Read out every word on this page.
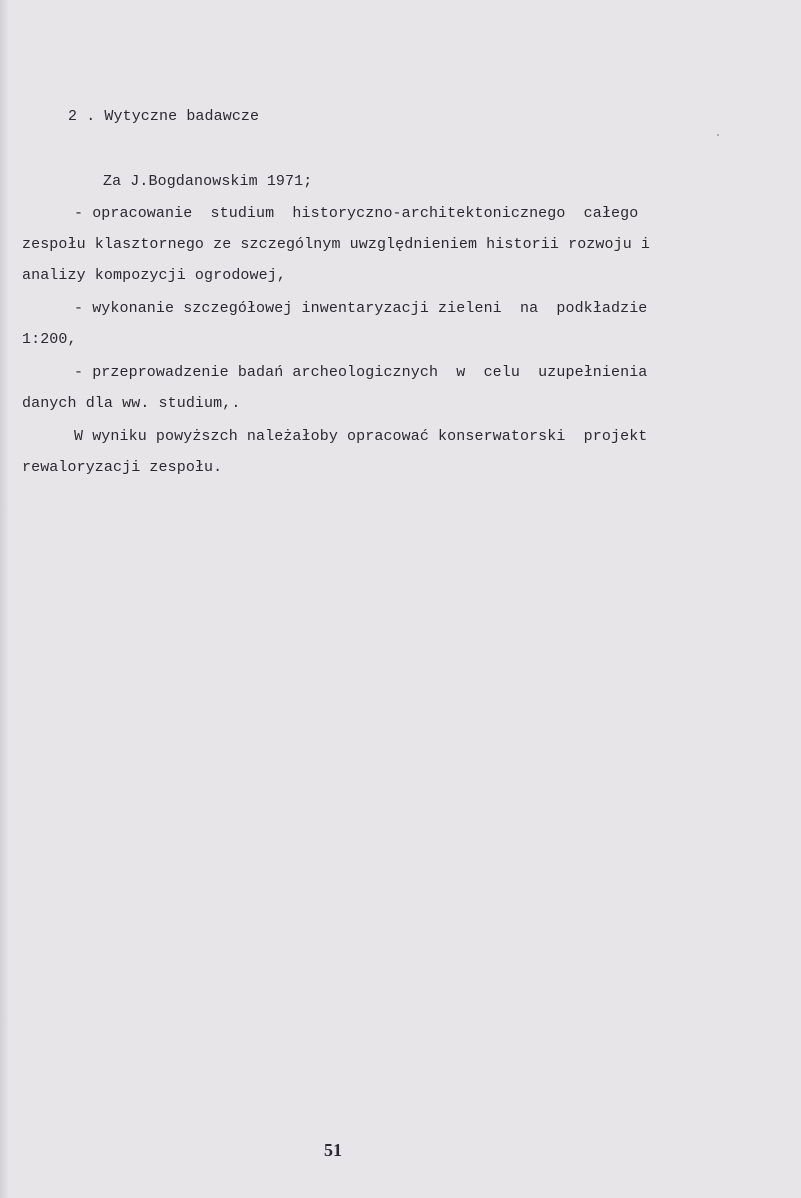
2 . Wytyczne badawcze
Za J.Bogdanowskim 1971;
- opracowanie  studium  historyczno-architektonicznego  całego
zespołu klasztornego ze szczególnym uwzględnieniem historii rozwoju i
analizy kompozycji ogrodowej,
- wykonanie szczegółowej inwentaryzacji zieleni  na  podkładzie
1:200,
- przeprowadzenie badań archeologicznych  w  celu  uzupełnienia
danych dla ww. studium,.
W wyniku powyższch należałoby opracować konserwatorski  projekt
rewaloryzacji zespołu.
51
